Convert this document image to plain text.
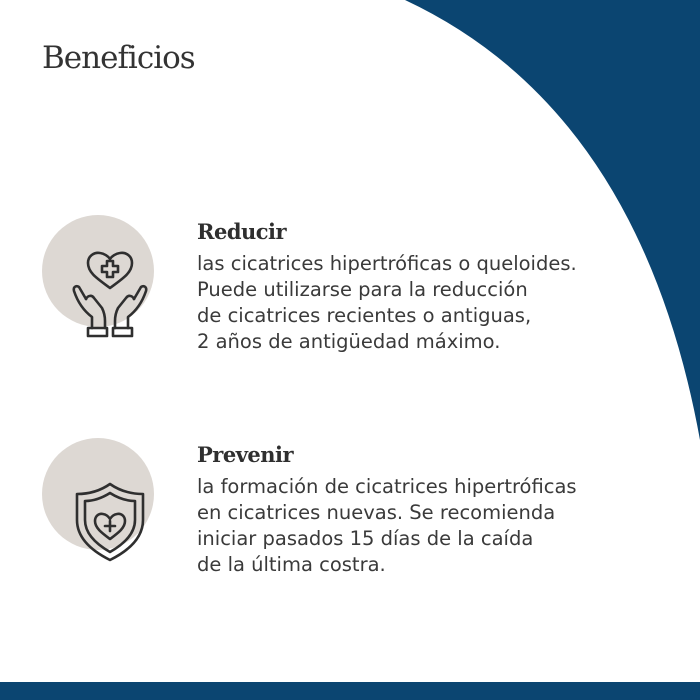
Beneficios
Reducir
las cicatrices hipertróficas o queloides.
Puede utilizarse para la reducción
de cicatrices recientes o antiguas,
2 años de antigüedad máximo.
Prevenir
la formación de cicatrices hipertróficas
en cicatrices nuevas. Se recomienda
iniciar pasados 15 días de la caída
de la última costra.
